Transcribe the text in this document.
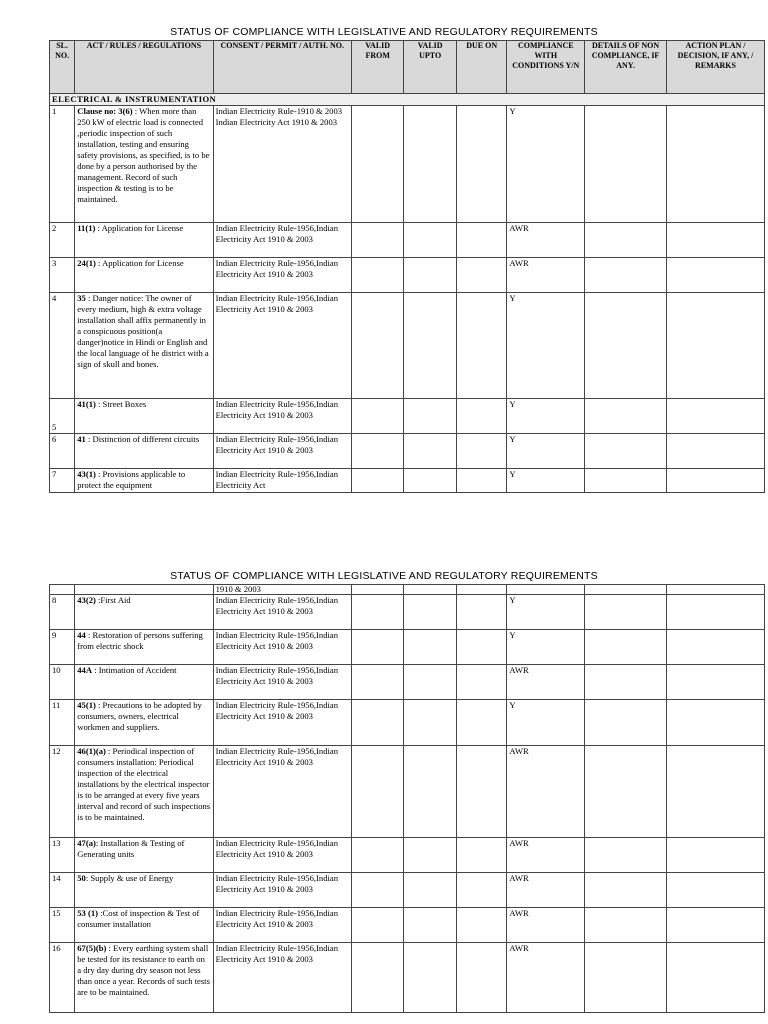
STATUS OF COMPLIANCE WITH LEGISLATIVE AND REGULATORY REQUIREMENTS
SL. NO.	ACT / RULES / REGULATIONS	CONSENT / PERMIT / AUTH. NO.	VALID FROM	VALID UPTO	DUE ON	COMPLIANCE WITH CONDITIONS Y/N	DETAILS OF NON COMPLIANCE, IF ANY.	ACTION PLAN / DECISION, IF ANY, / REMARKS
ELECTRICAL & INSTRUMENTATION								
1	Clause no: 3(6) : When more than 250 kW of electric load is connected ,periodic inspection of such installation, testing and ensuring safety provisions, as specified, is to be done by a person authorised by the management. Record of such inspection & testing is to be maintained.	Indian Electricity Rule-1910 & 2003 Indian Electricity Act 1910 & 2003				Y		
2	11(1) : Application for License	Indian Electricity Rule-1956,Indian Electricity Act 1910 & 2003				AWR		
3	24(1) : Application for License	Indian Electricity Rule-1956,Indian Electricity Act 1910 & 2003				AWR		
4	35 : Danger notice: The owner of every medium, high & extra voltage installation shall affix permanently in a conspicuous position(a danger)notice in Hindi or English and the local language of he district with a sign of skull and bones.	Indian Electricity Rule-1956,Indian Electricity Act 1910 & 2003				Y		
5	41(1) : Street Boxes	Indian Electricity Rule-1956,Indian Electricity Act 1910 & 2003				Y		
6	41 : Distinction of different circuits	Indian Electricity Rule-1956,Indian Electricity Act 1910 & 2003				Y		
7	43(1) : Provisions applicable to protect the equipment	Indian Electricity Rule-1956,Indian Electricity Act				Y		
STATUS OF COMPLIANCE WITH LEGISLATIVE AND REGULATORY REQUIREMENTS
		1910 & 2003						
8	43(2) :First Aid	Indian Electricity Rule-1956,Indian Electricity Act 1910 & 2003				Y		
9	44 : Restoration of persons suffering from electric shock	Indian Electricity Rule-1956,Indian Electricity Act 1910 & 2003				Y		
10	44A : Intimation of Accident	Indian Electricity Rule-1956,Indian Electricity Act 1910 & 2003				AWR		
11	45(1) : Precautions to be adopted by consumers, owners, electrical workmen and suppliers.	Indian Electricity Rule-1956,Indian Electricity Act 1910 & 2003				Y		
12	46(1)(a) : Periodical inspection of consumers installation: Periodical inspection of the electrical installations by the electrical inspector is to be arranged at every five years interval and record of such inspections is to be maintained.	Indian Electricity Rule-1956,Indian Electricity Act 1910 & 2003				AWR		
13	47(a): Installation & Testing of Generating units	Indian Electricity Rule-1956,Indian Electricity Act 1910 & 2003				AWR		
14	50: Supply & use of Energy	Indian Electricity Rule-1956,Indian Electricity Act 1910 & 2003				AWR		
15	53 (1) :Cost of inspection & Test of consumer installation	Indian Electricity Rule-1956,Indian Electricity Act 1910 & 2003				AWR		
16	67(5)(b) : Every earthing system shall be tested for its resistance to earth on a dry day during dry season not less than once a year. Records of such tests are to be maintained.	Indian Electricity Rule-1956,Indian Electricity Act 1910 & 2003				AWR		
